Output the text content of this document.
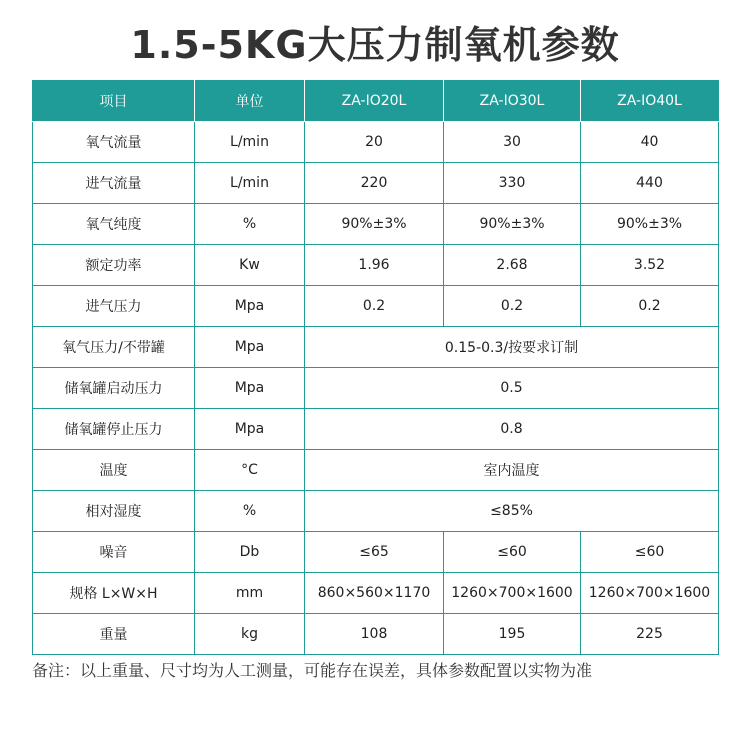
1.5-5KG大压力制氧机参数
项目	单位	ZA-IO20L	ZA-IO30L	ZA-IO40L
氧气流量	L/min	20	30	40
进气流量	L/min	220	330	440
氧气纯度	%	90%±3%	90%±3%	90%±3%
额定功率	Kw	1.96	2.68	3.52
进气压力	Mpa	0.2	0.2	0.2
氧气压力/不带罐	Mpa	0.15-0.3/按要求订制		
储氧罐启动压力	Mpa	0.5		
储氧罐停止压力	Mpa	0.8		
温度	°C	室内温度		
相对湿度	%	≤85%		
噪音	Db	≤65	≤60	≤60
规格 L×W×H	mm	860×560×1170	1260×700×1600	1260×700×1600
重量	kg	108	195	225
备注：以上重量、尺寸均为人工测量，可能存在误差，具体参数配置以实物为准
